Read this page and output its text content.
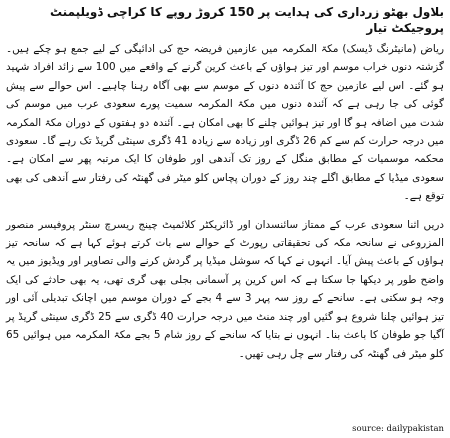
بلاول بھٹو زرداری کی ہدایت پر 150 کروڑ روپے کا کراچی ڈویلپمنٹ پروجیکٹ تیار

ریاض (مانیٹرنگ ڈیسک) مکۃ المکرمہ میں عازمین فریضہ حج کی ادائیگی کے لیے جمع ہو چکے ہیں۔ گزشتہ دنوں خراب موسم اور تیز ہواؤں کے باعث کرین گرنے کے واقعے میں 100 سے زائد افراد شہید ہو گئے۔ اس لیے عازمین حج کا آئندہ دنوں کے موسم سے بھی آگاہ رہنا چاہیے۔ اس حوالے سے پیش گوئی کی جا رہی ہے کہ آئندہ دنوں میں مکۃ المکرمہ سمیت پورے سعودی عرب میں موسم کی شدت میں اضافہ ہو گا اور تیز ہوائیں چلنے کا بھی امکان ہے۔ آئندہ دو ہفتوں کے دوران مکۃ المکرمہ میں درجہ حرارت کم سے کم 26 ڈگری اور زیادہ سے زیادہ 41 ڈگری سینٹی گریڈ تک رہے گا۔ سعودی محکمہ موسمیات کے مطابق منگل کے روز تک آندھی اور طوفان کا ایک مرتبہ پھر سے امکان ہے۔ سعودی میڈیا کے مطابق اگلے چند روز کے دوران پچاس کلو میٹر فی گھنٹہ کی رفتار سے آندھی کی بھی توقع ہے۔

دریں اثنا سعودی عرب کے ممتاز سائنسدان اور ڈائریکٹر کلائمیٹ چینج ریسرچ سنٹر پروفیسر منصور المزروعی نے سانحہ مکہ کی تحقیقاتی رپورٹ کے حوالے سے بات کرتے ہوئے کہا ہے کہ سانحہ تیز ہواؤں کے باعث پیش آیا۔ انہوں نے کہا کہ سوشل میڈیا پر گردش کرنے والی تصاویر اور ویڈیوز میں یہ واضح طور پر دیکھا جا سکتا ہے کہ اس کرین پر آسمانی بجلی بھی گری تھی، یہ بھی حادثے کی ایک وجہ ہو سکتی ہے۔ سانحے کے روز سہ پہر 3 سے 4 بجے کے دوران موسم میں اچانک تبدیلی آئی اور تیز ہوائیں چلنا شروع ہو گئیں اور چند منٹ میں درجہ حرارت 40 ڈگری سے 25 ڈگری سینٹی گریڈ پر آگیا جو طوفان کا باعث بنا۔ انہوں نے بتایا کہ سانحے کے روز شام 5 بجے مکۃ المکرمہ میں ہوائیں 65 کلو میٹر فی گھنٹہ کی رفتار سے چل رہی تھیں۔

source: dailypakistan
